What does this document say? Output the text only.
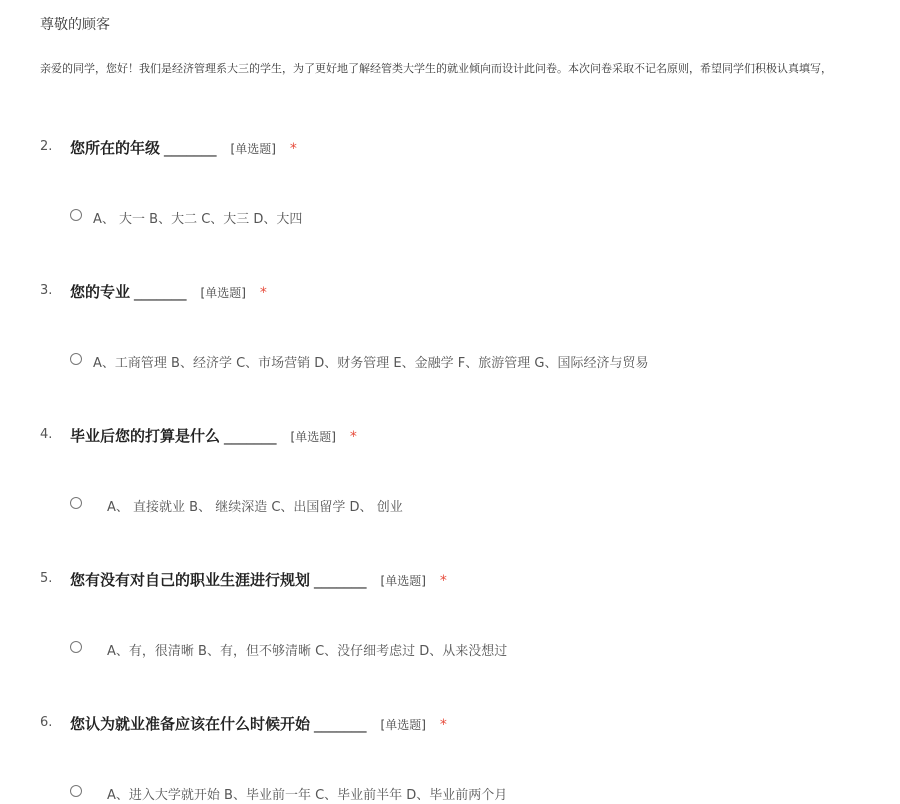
尊敬的顾客
亲爱的同学，您好！我们是经济管理系大三的学生，为了更好地了解经管类大学生的就业倾向而设计此问卷。本次问卷采取不记名原则，希望同学们积极认真填写，
2. 您所在的年级 _______ [单选题] *
A、 大一 B、大二 C、大三 D、大四
3. 您的专业 _______ [单选题] *
A、工商管理 B、经济学 C、市场营销 D、财务管理 E、金融学 F、旅游管理 G、国际经济与贸易
4. 毕业后您的打算是什么 _______ [单选题] *
A、 直接就业 B、 继续深造 C、出国留学 D、 创业
5. 您有没有对自己的职业生涯进行规划 _______ [单选题] *
A、有，很清晰 B、有，但不够清晰 C、没仔细考虑过 D、从来没想过
6. 您认为就业准备应该在什么时候开始 _______ [单选题] *
A、进入大学就开始 B、毕业前一年 C、毕业前半年 D、毕业前两个月
